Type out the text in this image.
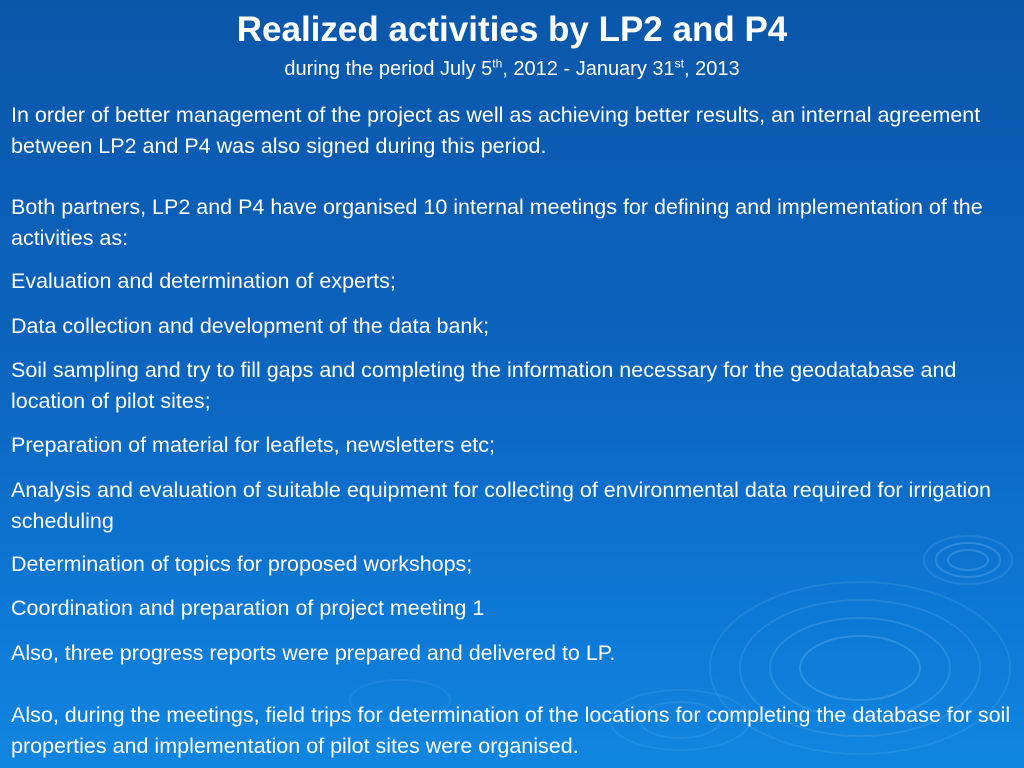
Realized activities by LP2 and P4

during the period July 5th, 2012 - January 31st, 2013

In order of better management of the project as well as achieving better results, an internal agreement between LP2 and P4 was also signed during this period.

Both partners, LP2 and P4 have organised 10 internal meetings for defining and implementation of the activities as:

Evaluation and determination of experts;

Data collection and development of the data bank;

Soil sampling and try to fill gaps and completing the information necessary for the geodatabase and location of pilot sites;

Preparation of material for leaflets, newsletters etc;

Analysis and evaluation of suitable equipment for collecting of environmental data required for irrigation scheduling

Determination of topics for proposed workshops;

Coordination and preparation of project meeting 1

Also, three progress reports were prepared and delivered to LP.

Also, during the meetings, field trips for determination of the locations for completing the database for soil properties and implementation of pilot sites were organised.
